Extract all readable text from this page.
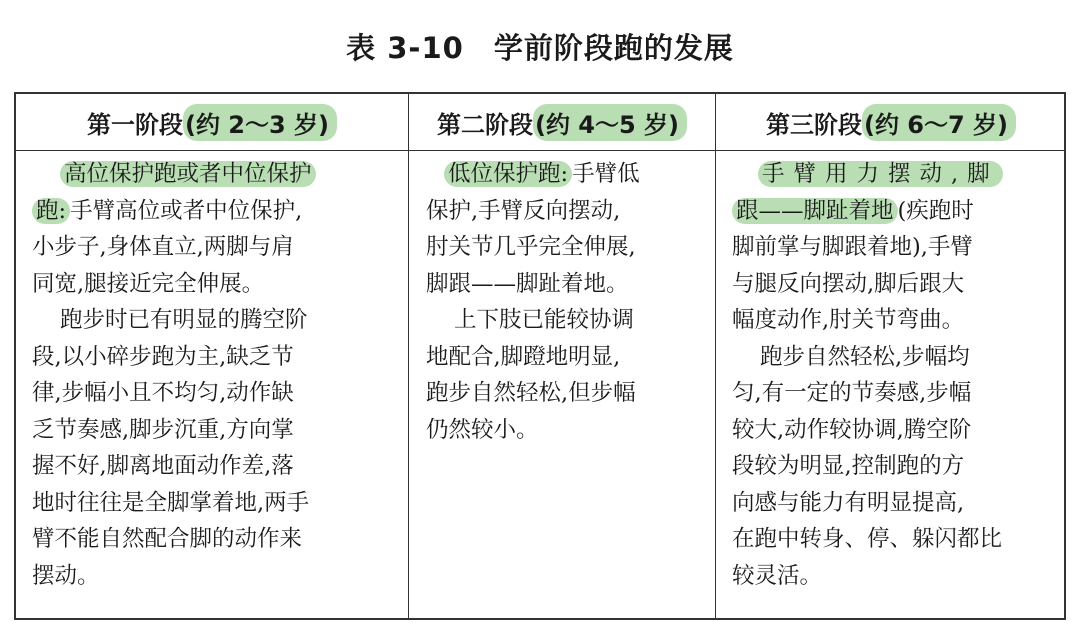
表 3-10　学前阶段跑的发展
第一阶段 (约 2～3 岁)	第二阶段 (约 4～5 岁)	第三阶段 (约 6～7 岁)
高位保护跑或者中位保护
跑: 手臂高位或者中位保护,
小步子,身体直立,两脚与肩
同宽,腿接近完全伸展。
跑步时已有明显的腾空阶
段,以小碎步跑为主,缺乏节
律,步幅小且不均匀,动作缺
乏节奏感,脚步沉重,方向掌
握不好,脚离地面动作差,落
地时往往是全脚掌着地,两手
臂不能自然配合脚的动作来
摆动。
低位保护跑: 手臂低
保护,手臂反向摆动,
肘关节几乎完全伸展,
脚跟——脚趾着地。
上下肢已能较协调
地配合,脚蹬地明显,
跑步自然轻松,但步幅
仍然较小。
手臂用力摆动,脚
跟——脚趾着地 (疾跑时
脚前掌与脚跟着地),手臂
与腿反向摆动,脚后跟大
幅度动作,肘关节弯曲。
跑步自然轻松,步幅均
匀,有一定的节奏感,步幅
较大,动作较协调,腾空阶
段较为明显,控制跑的方
向感与能力有明显提高,
在跑中转身、停、躲闪都比
较灵活。
